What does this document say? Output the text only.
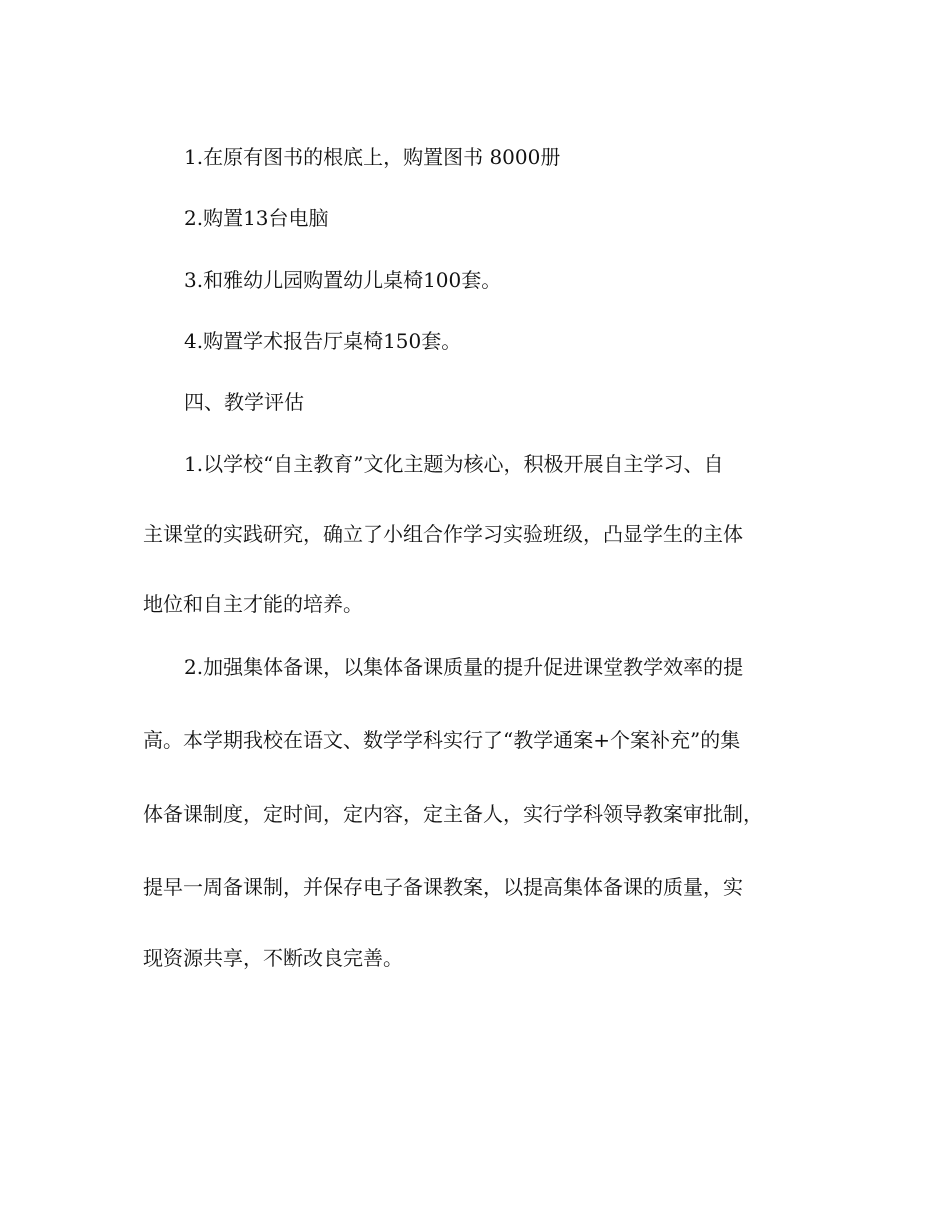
1.在原有图书的根底上，购置图书 8000册
2.购置13台电脑
3.和雅幼儿园购置幼儿桌椅100套。
4.购置学术报告厅桌椅150套。
四、教学评估
1.以学校“自主教育”文化主题为核心，积极开展自主学习、自
主课堂的实践研究，确立了小组合作学习实验班级，凸显学生的主体
地位和自主才能的培养。
2.加强集体备课，以集体备课质量的提升促进课堂教学效率的提
高。本学期我校在语文、数学学科实行了“教学通案+个案补充”的集
体备课制度，定时间，定内容，定主备人，实行学科领导教案审批制，
提早一周备课制，并保存电子备课教案，以提高集体备课的质量，实
现资源共享，不断改良完善。
